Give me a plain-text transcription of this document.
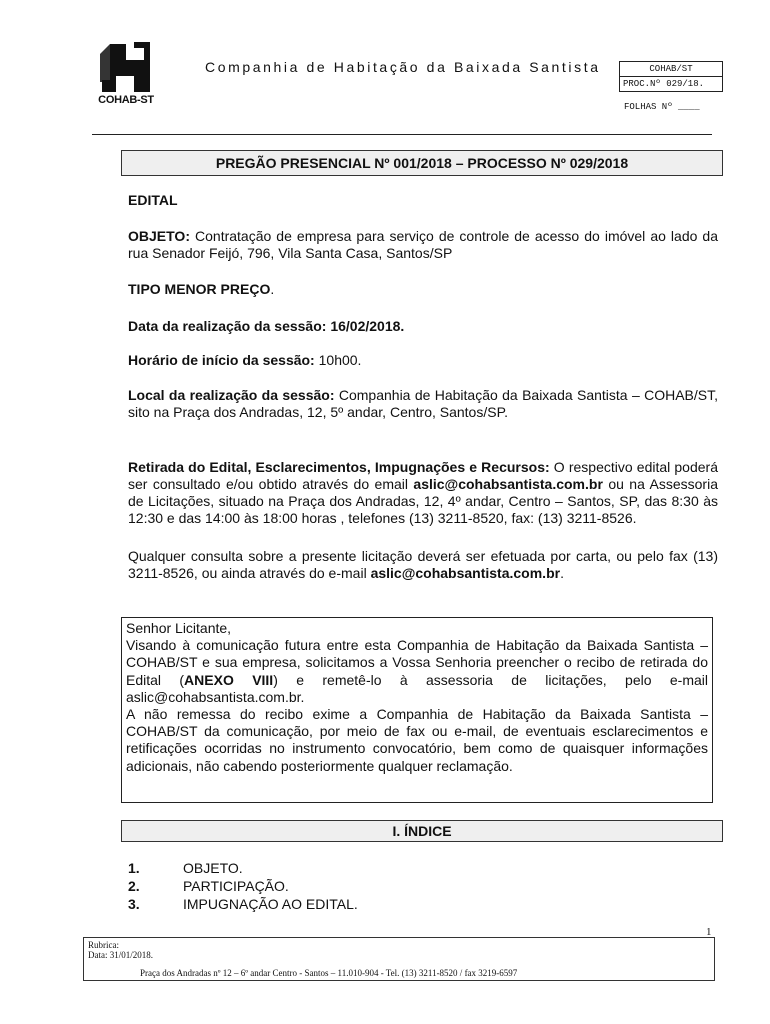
COHAB-ST
Companhia de Habitação da Baixada Santista	COHAB/ST
PROC.Nº 029/18.
FOLHAS Nº ____
PREGÃO PRESENCIAL Nº 001/2018 – PROCESSO Nº 029/2018
EDITAL
OBJETO: Contratação de empresa para serviço de controle de acesso do imóvel ao lado da rua Senador Feijó, 796, Vila Santa Casa, Santos/SP
TIPO MENOR PREÇO.
Data da realização da sessão: 16/02/2018.
Horário de início da sessão: 10h00.
Local da realização da sessão: Companhia de Habitação da Baixada Santista – COHAB/ST, sito na Praça dos Andradas, 12, 5º andar, Centro, Santos/SP.
Retirada do Edital, Esclarecimentos, Impugnações e Recursos: O respectivo edital poderá ser consultado e/ou obtido através do email aslic@cohabsantista.com.br ou na Assessoria de Licitações, situado na Praça dos Andradas, 12, 4º andar, Centro – Santos, SP, das 8:30 às 12:30 e das 14:00 às 18:00 horas , telefones (13) 3211-8520, fax: (13) 3211-8526.
Qualquer consulta sobre a presente licitação deverá ser efetuada por carta, ou pelo fax (13) 3211-8526, ou ainda através do e-mail aslic@cohabsantista.com.br.
Senhor Licitante,
Visando à comunicação futura entre esta Companhia de Habitação da Baixada Santista – COHAB/ST e sua empresa, solicitamos a Vossa Senhoria preencher o recibo de retirada do Edital (ANEXO VIII) e remetê-lo à assessoria de licitações, pelo e-mail aslic@cohabsantista.com.br.
A não remessa do recibo exime a Companhia de Habitação da Baixada Santista – COHAB/ST da comunicação, por meio de fax ou e-mail, de eventuais esclarecimentos e retificações ocorridas no instrumento convocatório, bem como de quaisquer informações adicionais, não cabendo posteriormente qualquer reclamação.
I. ÍNDICE
1.	OBJETO.
2.	PARTICIPAÇÃO.
3.	IMPUGNAÇÃO AO EDITAL.
1
Rubrica:
Data: 31/01/2018.
Praça dos Andradas nº 12 – 6º andar Centro - Santos – 11.010-904 - Tel. (13) 3211-8520 / fax 3219-6597
